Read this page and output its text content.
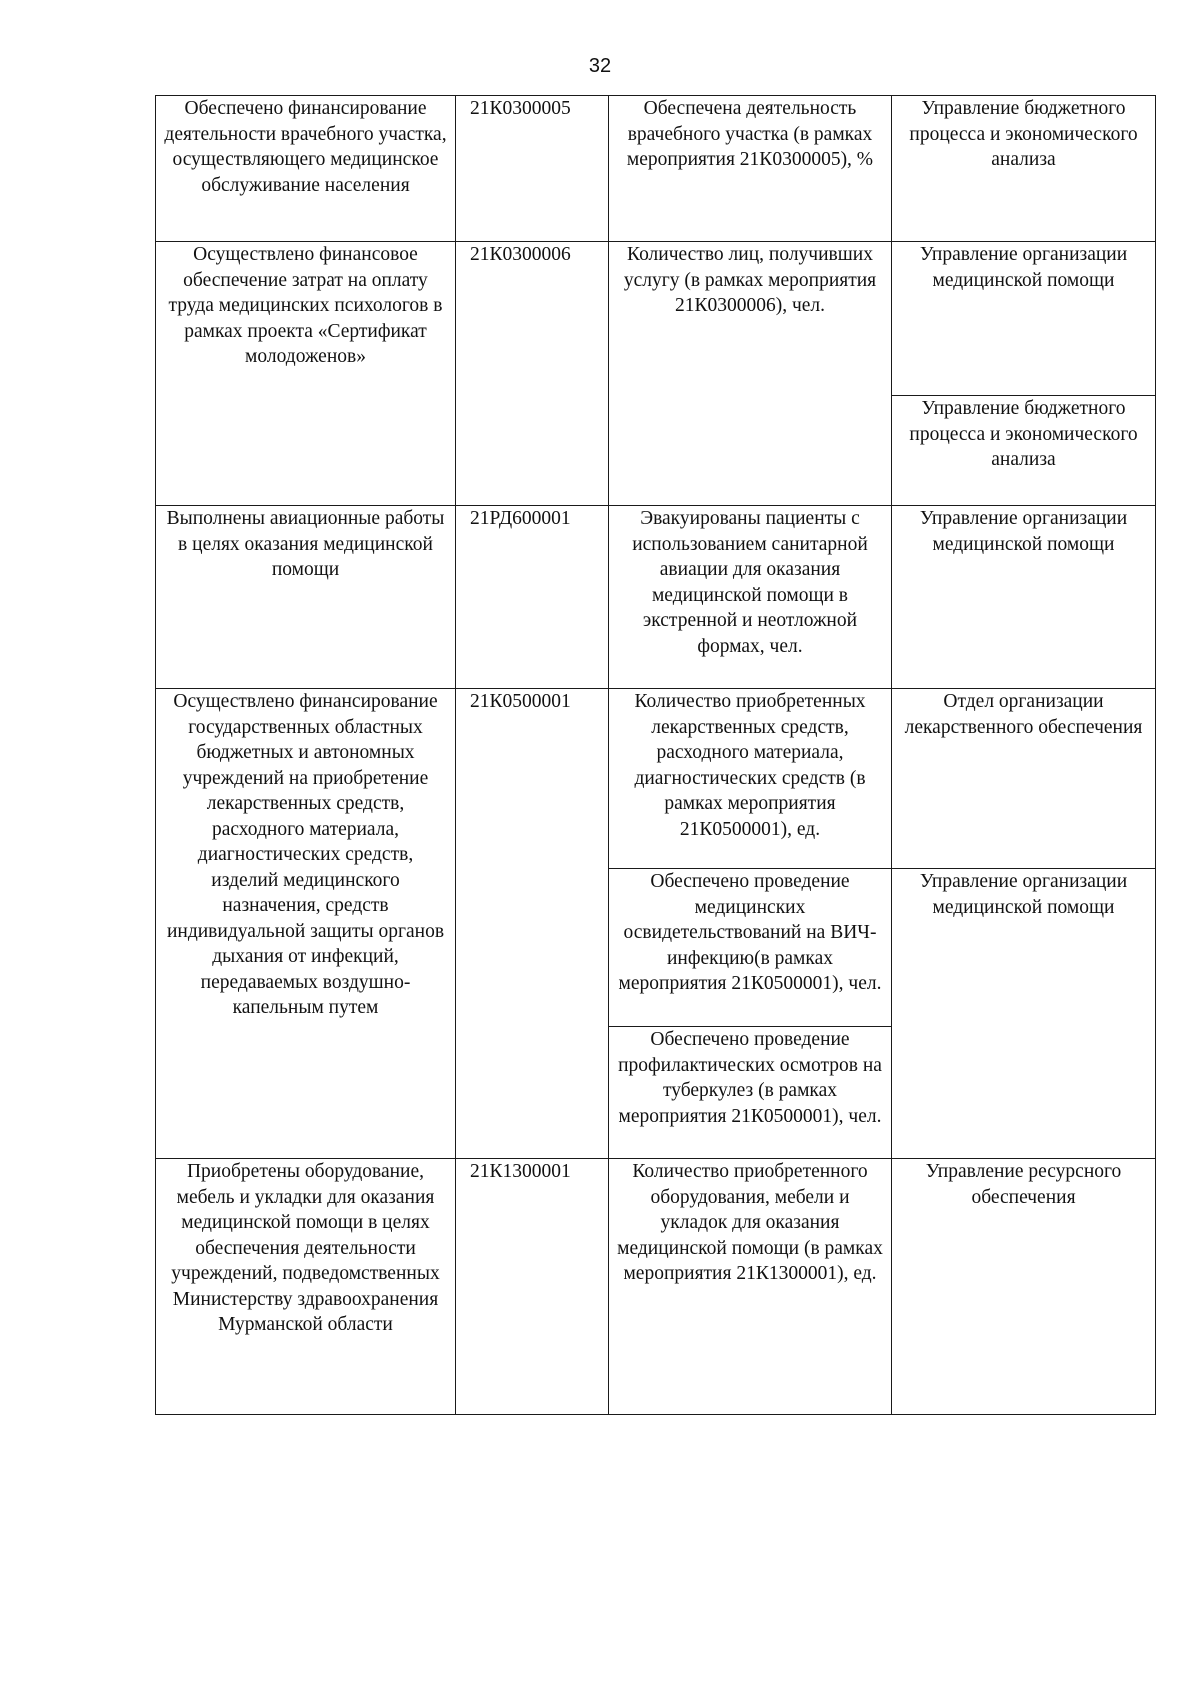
32
Обеспечено финансирование деятельности врачебного участка, осуществляющего медицинское обслуживание населения	21К0300005	Обеспечена деятельность врачебного участка (в рамках мероприятия 21К0300005), %	Управление бюджетного процесса и экономического анализа

Осуществлено финансовое обеспечение затрат на оплату труда медицинских психологов в рамках проекта «Сертификат молодоженов»	21К0300006	Количество лиц, получивших услугу (в рамках мероприятия 21К0300006), чел.	Управление организации медицинской помощи

			Управление бюджетного процесса и экономического анализа

Выполнены авиационные работы в целях оказания медицинской помощи	21РД600001	Эвакуированы пациенты с использованием санитарной авиации для оказания медицинской помощи в экстренной и неотложной формах, чел.	Управление организации медицинской помощи

Осуществлено финансирование государственных областных бюджетных и автономных учреждений на приобретение лекарственных средств, расходного материала, диагностических средств, изделий медицинского назначения, средств индивидуальной защиты органов дыхания от инфекций, передаваемых воздушно-капельным путем	21К0500001	Количество приобретенных лекарственных средств, расходного материала, диагностических средств (в рамках мероприятия 21К0500001), ед.	Отдел организации лекарственного обеспечения

		Обеспечено проведение медицинских освидетельствований на ВИЧ-инфекцию(в рамках мероприятия 21К0500001), чел.	Управление организации медицинской помощи

		Обеспечено проведение профилактических осмотров на туберкулез (в рамках мероприятия 21К0500001), чел.	

Приобретены оборудование, мебель и укладки для оказания медицинской помощи в целях обеспечения деятельности учреждений, подведомственных Министерству здравоохранения Мурманской области	21К1300001	Количество приобретенного оборудования, мебели и укладок для оказания медицинской помощи (в рамках мероприятия 21К1300001), ед.	Управление ресурсного обеспечения
